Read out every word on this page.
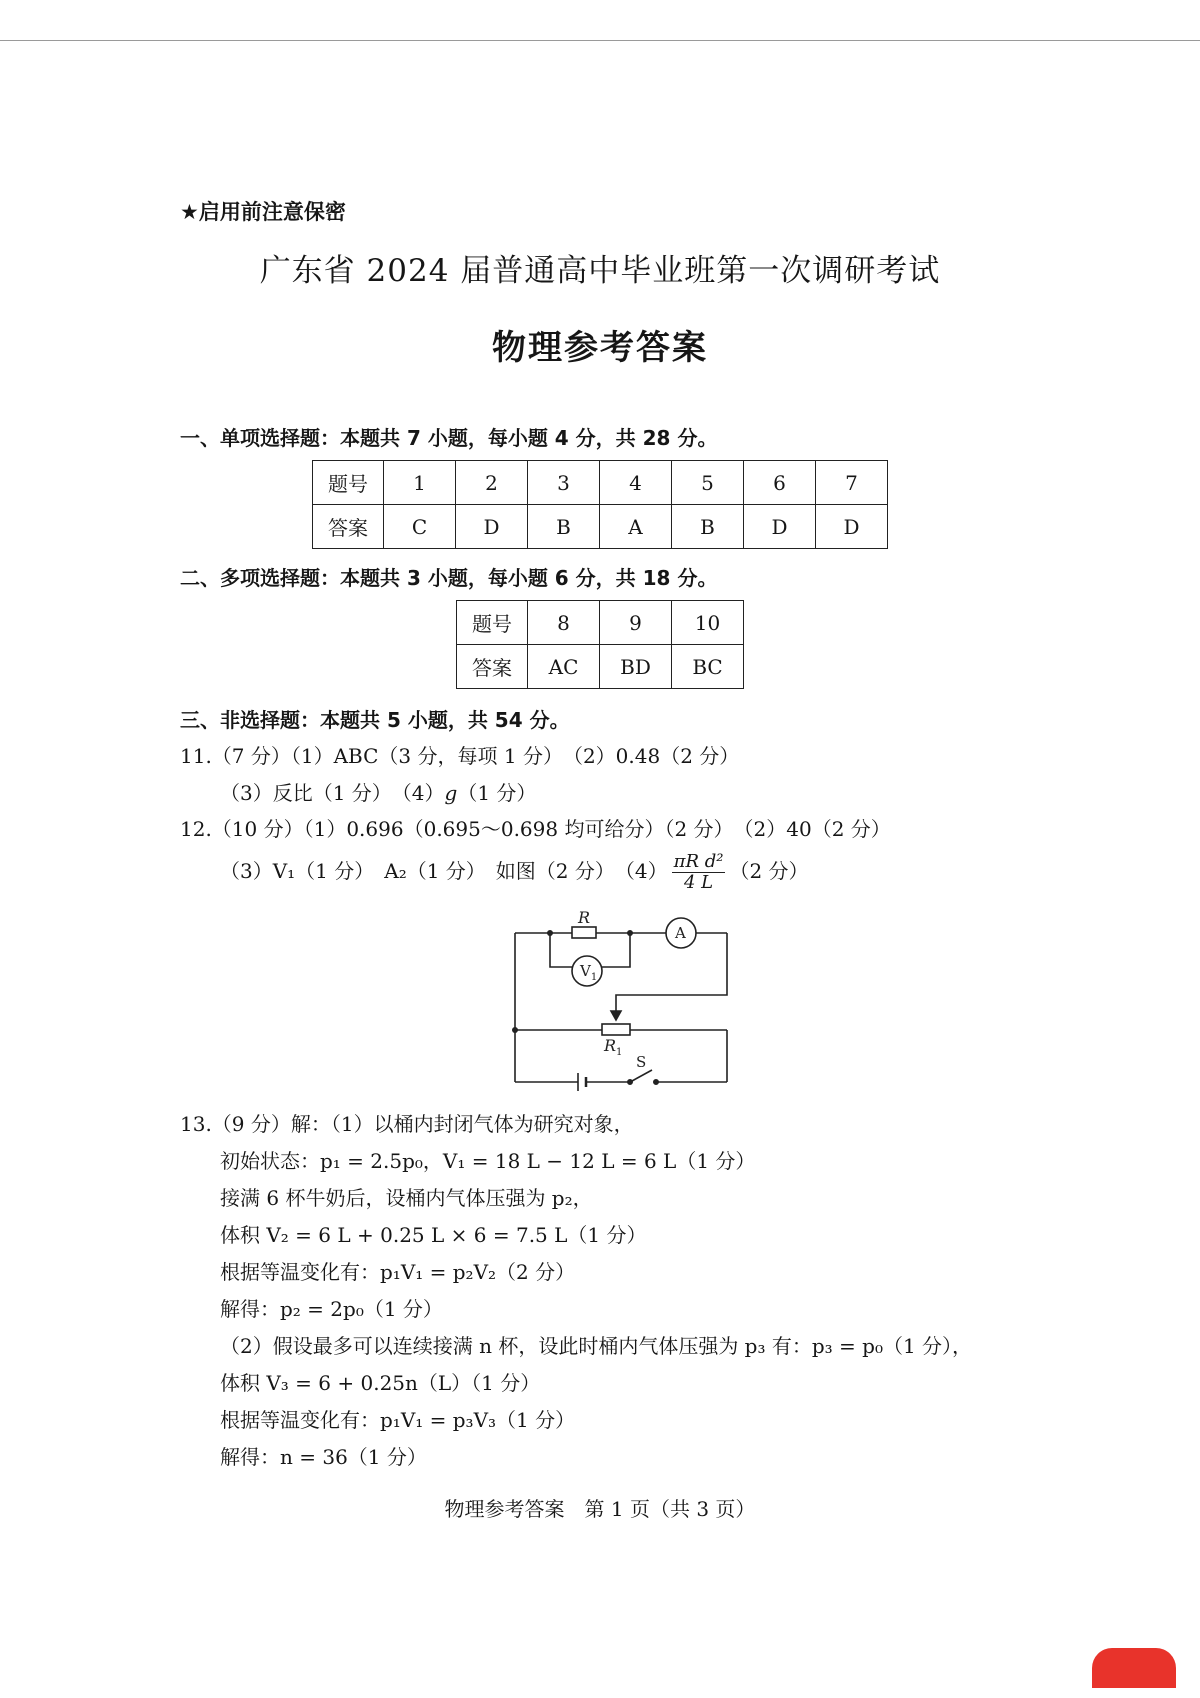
★启用前注意保密
广东省 2024 届普通高中毕业班第一次调研考试
物理参考答案
一、单项选择题：本题共 7 小题，每小题 4 分，共 28 分。
题号	1	2	3	4	5	6	7
答案	C	D	B	A	B	D	D
二、多项选择题：本题共 3 小题，每小题 6 分，共 18 分。
题号	8	9	10
答案	AC	BD	BC
三、非选择题：本题共 5 小题，共 54 分。
11.（7 分）（1）ABC（3 分，每项 1 分）　（2）0.48（2 分）
（3）反比（1 分）　（4）g（1 分）
12.（10 分）（1）0.696（0.695～0.698 均可给分）（2 分）　（2）40（2 分）
（3）V₁（1 分）　A₂（1 分）　如图（2 分）　$(4) \frac{\text{πR d²}}{4 L} (2$ 分）
R
$R_1$
A
$V_1$
S
13.（9 分）解：（1）以桶内封闭气体为研究对象，
初始状态：p₁ = 2.5p₀，V₁ = 18 L − 12 L = 6 L（1 分）
接满 6 杯牛奶后，设桶内气体压强为 p₂，
体积 V₂ = 6 L + 0.25 L × 6 = 7.5 L（1 分）
根据等温变化有：p₁V₁ = p₂V₂（2 分）
解得：p₂ = 2p₀（1 分）
（2）假设最多可以连续接满 n 杯，设此时桶内气体压强为 p₃ 有：p₃ = p₀（1 分），
体积 V₃ = 6 + 0.25n（L）（1 分）
根据等温变化有：p₁V₁ = p₃V₃（1 分）
解得：n = 36（1 分）
物理参考答案　第 1 页（共 3 页）
